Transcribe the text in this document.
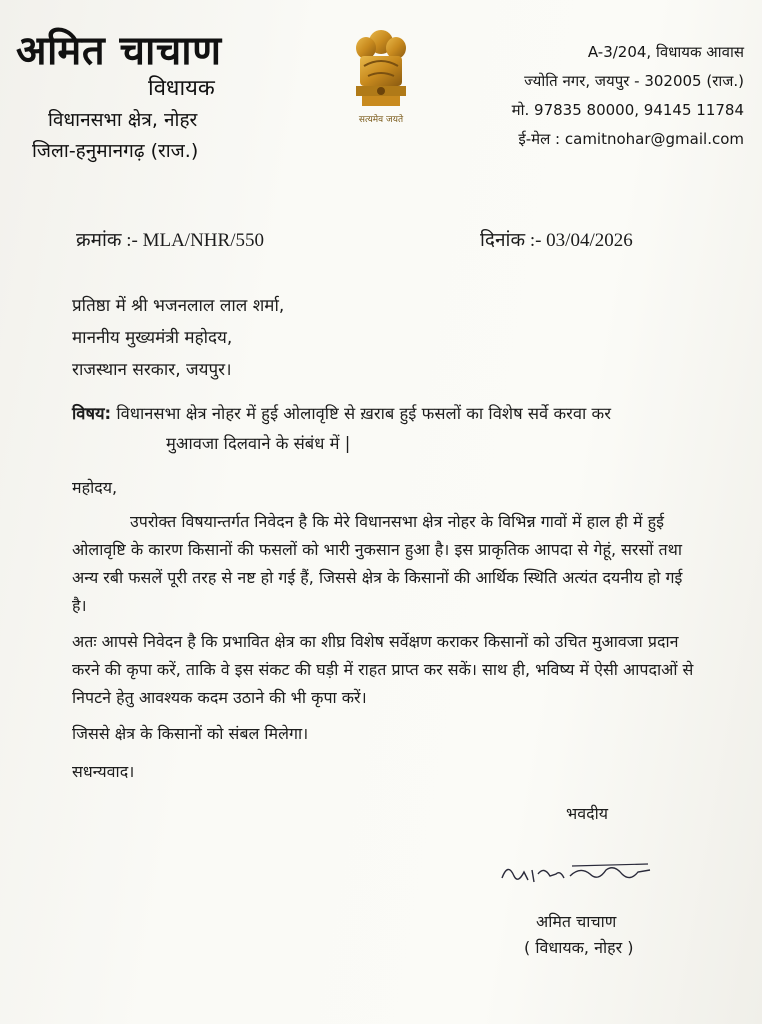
अमित चाचाण
विधायक
विधानसभा क्षेत्र, नोहर
जिला-हनुमानगढ़ (राज.)
सत्यमेव जयते
A-3/204, विधायक आवास
ज्योति नगर, जयपुर - 302005 (राज.)
मो. 97835 80000, 94145 11784
ई-मेल : camitnohar@gmail.com
क्रमांक :- MLA/NHR/550	दिनांक :- 03/04/2026
प्रतिष्ठा में श्री भजनलाल लाल शर्मा,
माननीय मुख्यमंत्री महोदय,
राजस्थान सरकार, जयपुर।
विषय: विधानसभा क्षेत्र नोहर में हुई ओलावृष्टि से ख़राब हुई फसलों का विशेष सर्वे करवा कर
मुआवजा दिलवाने के संबंध में |
महोदय,
उपरोक्त विषयान्तर्गत निवेदन है कि मेरे विधानसभा क्षेत्र नोहर के विभिन्न गावों में हाल ही में हुई ओलावृष्टि के कारण किसानों की फसलों को भारी नुकसान हुआ है। इस प्राकृतिक आपदा से गेहूं, सरसों तथा अन्य रबी फसलें पूरी तरह से नष्ट हो गई हैं, जिससे क्षेत्र के किसानों की आर्थिक स्थिति अत्यंत दयनीय हो गई है।
अतः आपसे निवेदन है कि प्रभावित क्षेत्र का शीघ्र विशेष सर्वेक्षण कराकर किसानों को उचित मुआवजा प्रदान करने की कृपा करें, ताकि वे इस संकट की घड़ी में राहत प्राप्त कर सकें। साथ ही, भविष्य में ऐसी आपदाओं से निपटने हेतु आवश्यक कदम उठाने की भी कृपा करें।
जिससे क्षेत्र के किसानों को संबल मिलेगा।
सधन्यवाद।
भवदीय
अमित चाचाण
( विधायक, नोहर )
